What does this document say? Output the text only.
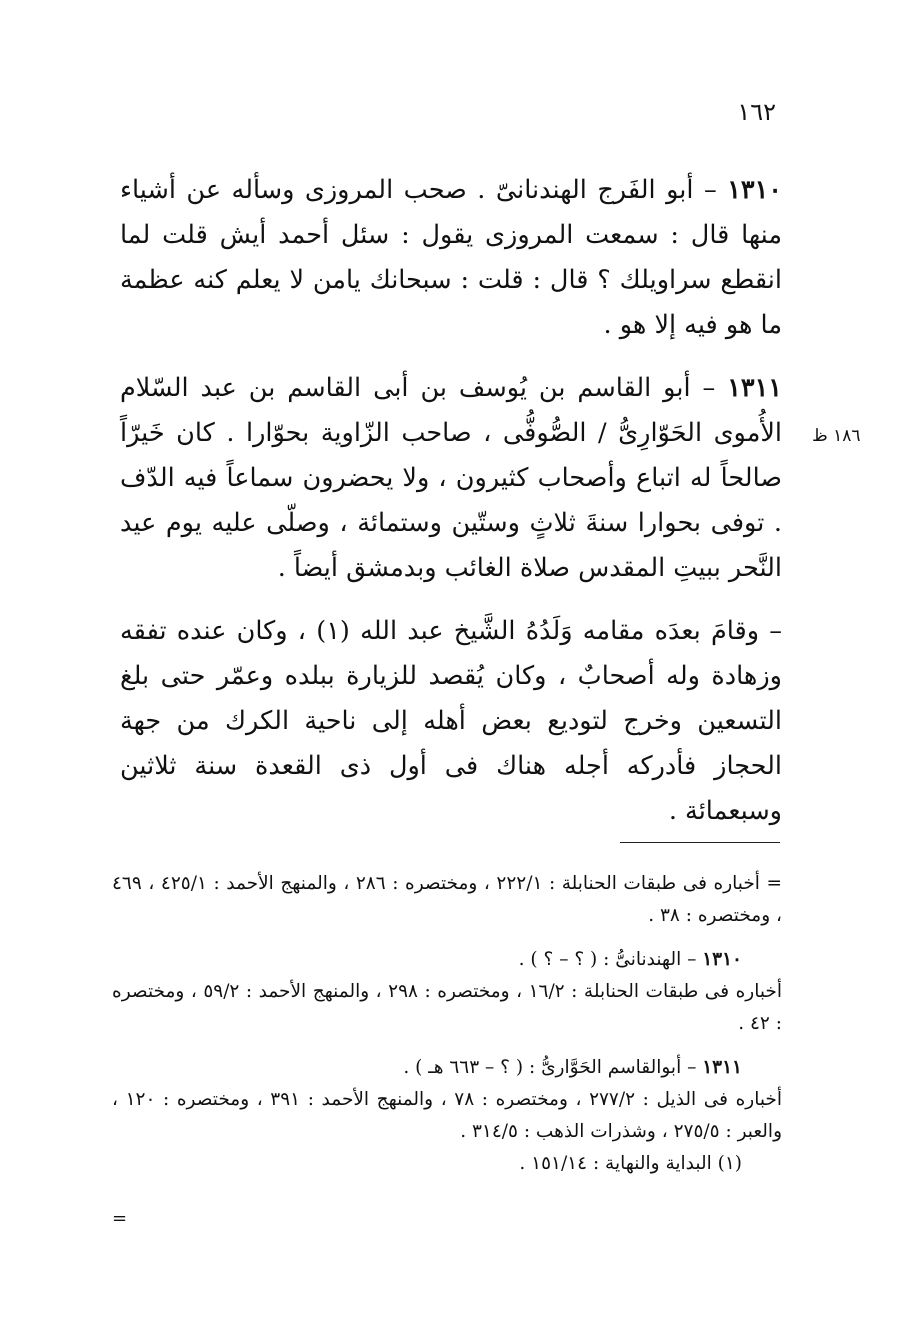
١٦٢
١٨٦ ظ

١٣١٠ – أبو الفَرج الهندنانىّ . صحب المروزى وسأله عن أشياء منها قال : سمعت المروزى يقول : سئل أحمد أيش قلت لما انقطع سراويلك ؟ قال : قلت : سبحانك يامن لا يعلم كنه عظمة ما هو فيه إلا هو .

١٣١١ – أبو القاسم بن يُوسف بن أبى القاسم بن عبد السّلام الأُموى الحَوّارِىُّ / الصُّوفُّى ، صاحب الزّاوية بحوّارا . كان خَيرّاً صالحاً له اتباع وأصحاب كثيرون ، ولا يحضرون سماعاً فيه الدّف . توفى بحوارا سنةَ ثلاثٍ وستّين وستمائة ، وصلّى عليه يوم عيد النَّحر ببيتِ المقدس صلاة الغائب وبدمشق أيضاً .

– وقامَ بعدَه مقامه وَلَدُهُ الشَّيخ عبد الله (١) ، وكان عنده تفقه وزهادة وله أصحابٌ ، وكان يُقصد للزيارة ببلده وعمّر حتى بلغ التسعين وخرج لتوديع بعض أهله إلى ناحية الكرك من جهة الحجاز فأدركه أجله هناك فى أول ذى القعدة سنة ثلاثين وسبعمائة .

= أخباره فى طبقات الحنابلة : ٢٢٢/١ ، ومختصره : ٢٨٦ ، والمنهج الأحمد : ٤٢٥/١ ، ٤٦٩ ، ومختصره : ٣٨ .

١٣١٠ – الهندنانىُّ : ( ؟ – ؟ ) .

أخباره فى طبقات الحنابلة : ١٦/٢ ، ومختصره : ٢٩٨ ، والمنهج الأحمد : ٥٩/٢ ، ومختصره : ٤٢ .

١٣١١ – أبوالقاسم الحَوَّارىُّ : ( ؟ – ٦٦٣ هـ ) .

أخباره فى الذيل : ٢٧٧/٢ ، ومختصره : ٧٨ ، والمنهج الأحمد : ٣٩١ ، ومختصره : ١٢٠ ، والعبر : ٢٧٥/٥ ، وشذرات الذهب : ٣١٤/٥ .

(١) البداية والنهاية : ١٥١/١٤ .

=
